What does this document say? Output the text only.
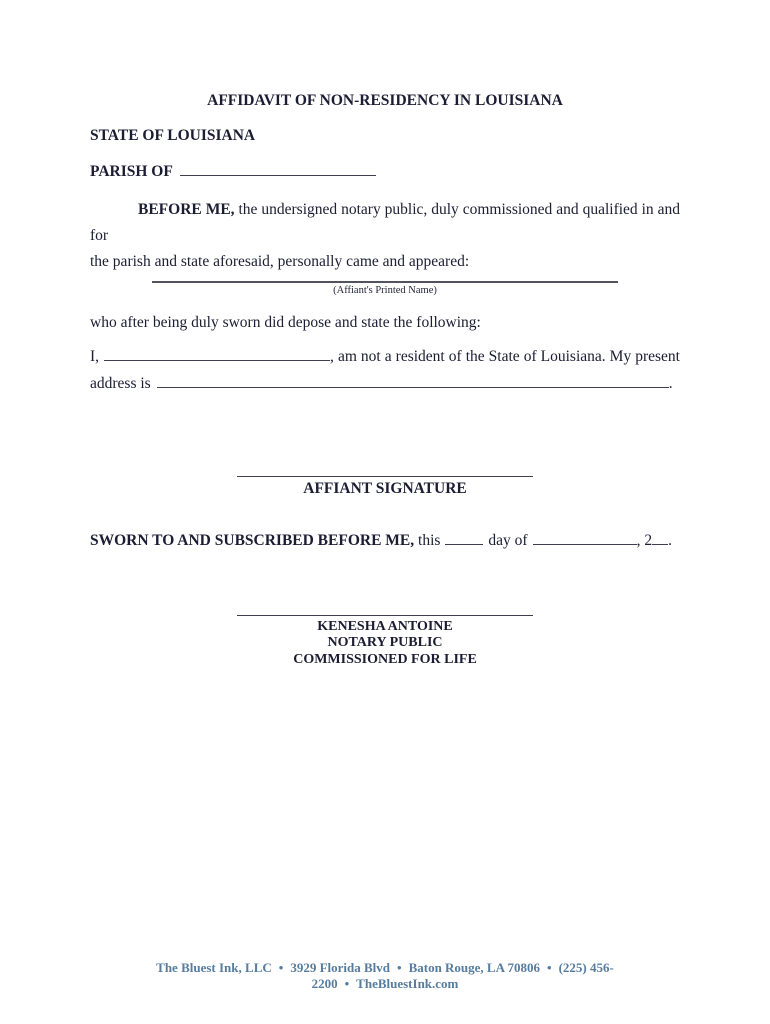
AFFIDAVIT OF NON-RESIDENCY IN LOUISIANA
STATE OF LOUISIANA
PARISH OF
BEFORE ME, the undersigned notary public, duly commissioned and qualified in and for
the parish and state aforesaid, personally came and appeared:
(Affiant's Printed Name)
who after being duly sworn did depose and state the following:
I,	, am not a resident of the State of Louisiana. My present
address is	.
AFFIANT SIGNATURE
SWORN TO AND SUBSCRIBED BEFORE ME, this	day of	, 2 .
KENESHA ANTOINE
NOTARY PUBLIC
COMMISSIONED FOR LIFE
The Bluest Ink, LLC • 3929 Florida Blvd • Baton Rouge, LA 70806 • (225) 456-2200 • TheBluestInk.com
